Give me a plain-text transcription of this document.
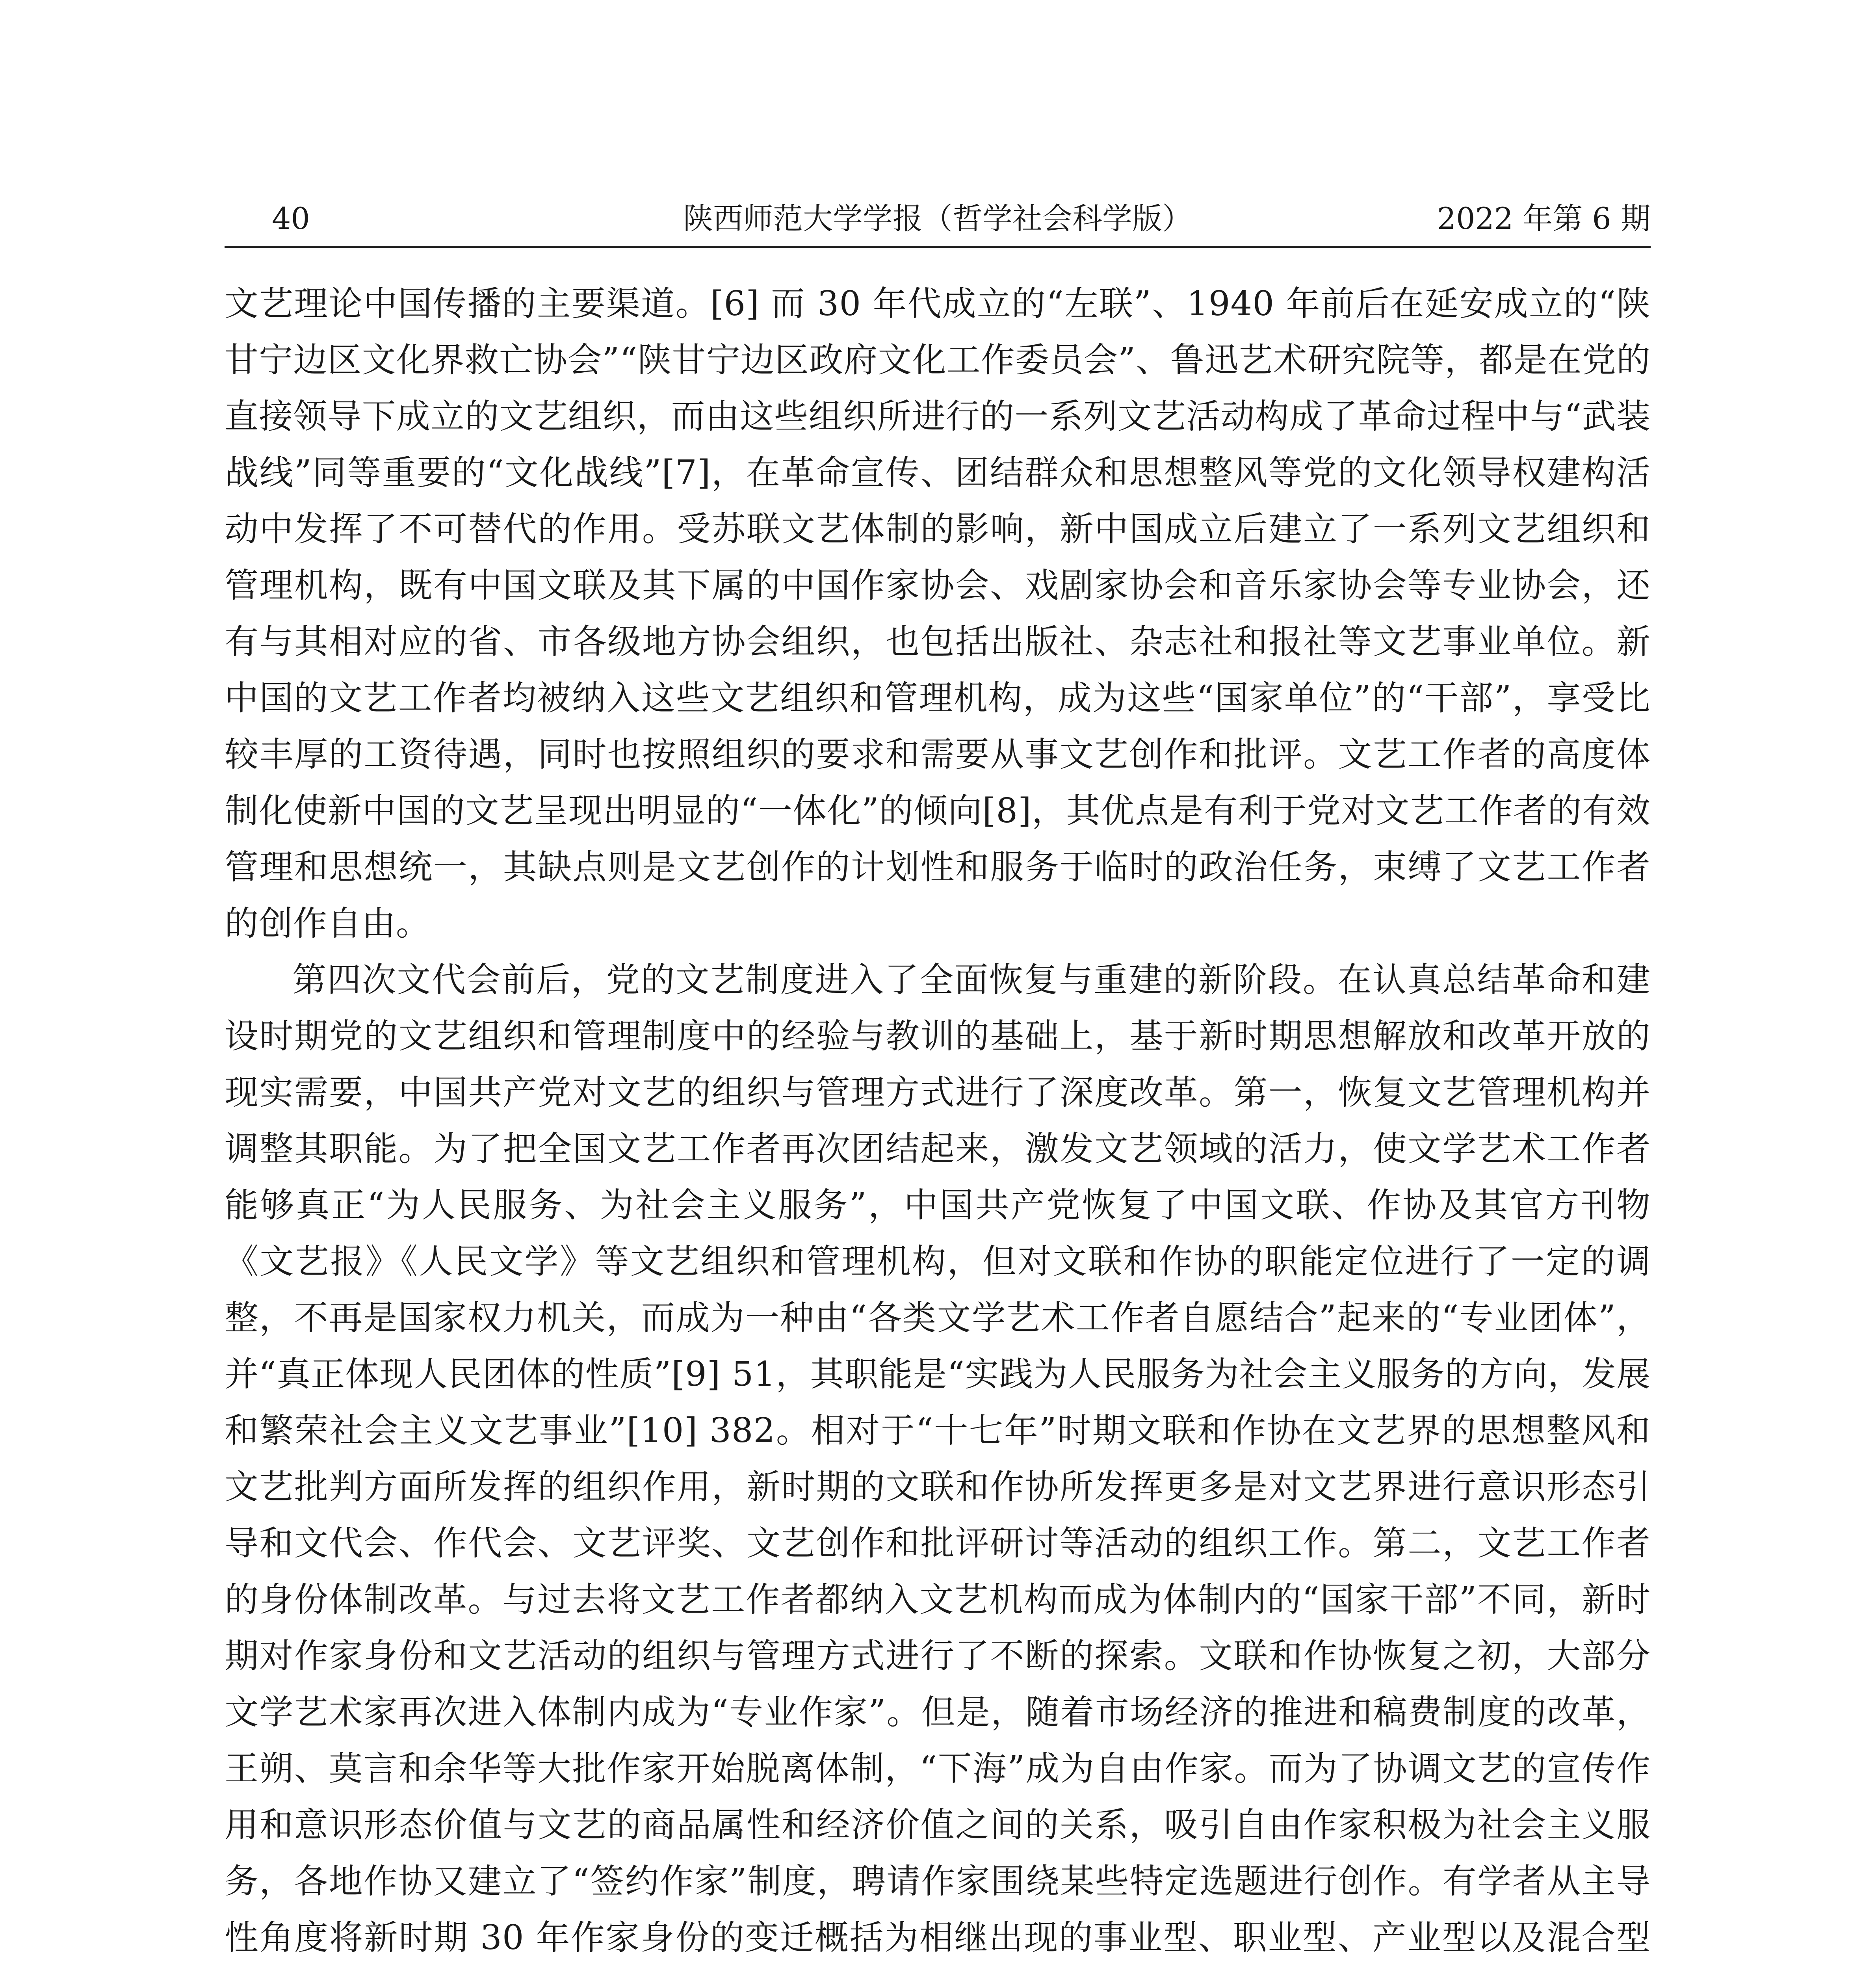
40	陕西师范大学学报（哲学社会科学版）	2022 年第 6 期

文艺理论中国传播的主要渠道。[6] 而 30 年代成立的“左联”、1940 年前后在延安成立的“陕甘宁边区文化界救亡协会”“陕甘宁边区政府文化工作委员会”、鲁迅艺术研究院等，都是在党的直接领导下成立的文艺组织，而由这些组织所进行的一系列文艺活动构成了革命过程中与“武装战线”同等重要的“文化战线”[7]，在革命宣传、团结群众和思想整风等党的文化领导权建构活动中发挥了不可替代的作用。受苏联文艺体制的影响，新中国成立后建立了一系列文艺组织和管理机构，既有中国文联及其下属的中国作家协会、戏剧家协会和音乐家协会等专业协会，还有与其相对应的省、市各级地方协会组织，也包括出版社、杂志社和报社等文艺事业单位。新中国的文艺工作者均被纳入这些文艺组织和管理机构，成为这些“国家单位”的“干部”，享受比较丰厚的工资待遇，同时也按照组织的要求和需要从事文艺创作和批评。文艺工作者的高度体制化使新中国的文艺呈现出明显的“一体化”的倾向[8]，其优点是有利于党对文艺工作者的有效管理和思想统一，其缺点则是文艺创作的计划性和服务于临时的政治任务，束缚了文艺工作者的创作自由。

第四次文代会前后，党的文艺制度进入了全面恢复与重建的新阶段。在认真总结革命和建设时期党的文艺组织和管理制度中的经验与教训的基础上，基于新时期思想解放和改革开放的现实需要，中国共产党对文艺的组织与管理方式进行了深度改革。第一，恢复文艺管理机构并调整其职能。为了把全国文艺工作者再次团结起来，激发文艺领域的活力，使文学艺术工作者能够真正“为人民服务、为社会主义服务”，中国共产党恢复了中国文联、作协及其官方刊物《文艺报》《人民文学》等文艺组织和管理机构，但对文联和作协的职能定位进行了一定的调整，不再是国家权力机关，而成为一种由“各类文学艺术工作者自愿结合”起来的“专业团体”，并“真正体现人民团体的性质”[9] 51，其职能是“实践为人民服务为社会主义服务的方向，发展和繁荣社会主义文艺事业”[10] 382。相对于“十七年”时期文联和作协在文艺界的思想整风和文艺批判方面所发挥的组织作用，新时期的文联和作协所发挥更多是对文艺界进行意识形态引导和文代会、作代会、文艺评奖、文艺创作和批评研讨等活动的组织工作。第二，文艺工作者的身份体制改革。与过去将文艺工作者都纳入文艺机构而成为体制内的“国家干部”不同，新时期对作家身份和文艺活动的组织与管理方式进行了不断的探索。文联和作协恢复之初，大部分文学艺术家再次进入体制内成为“专业作家”。但是，随着市场经济的推进和稿费制度的改革，王朔、莫言和余华等大批作家开始脱离体制，“下海”成为自由作家。而为了协调文艺的宣传作用和意识形态价值与文艺的商品属性和经济价值之间的关系，吸引自由作家积极为社会主义服务，各地作协又建立了“签约作家”制度，聘请作家围绕某些特定选题进行创作。有学者从主导性角度将新时期 30 年作家身份的变迁概括为相继出现的事业型、职业型、产业型以及混合型
